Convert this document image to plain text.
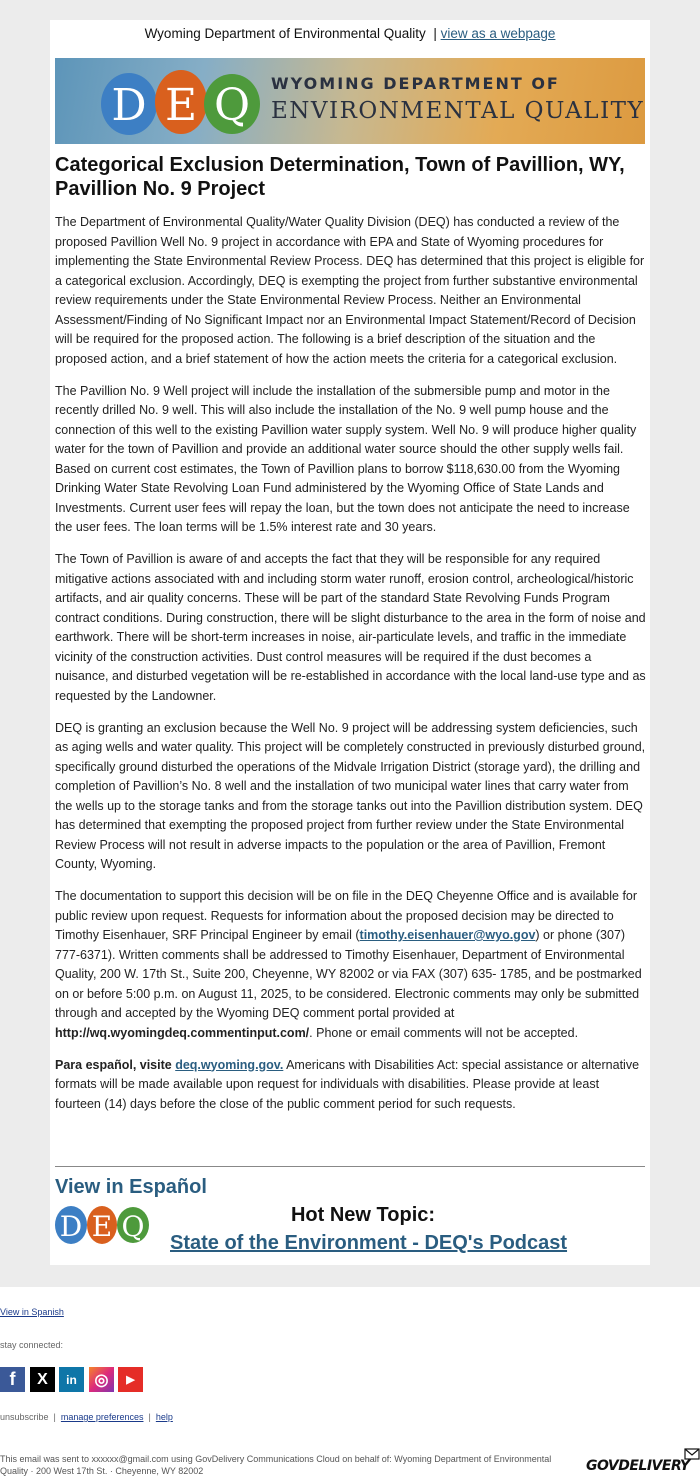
Wyoming Department of Environmental Quality | view as a webpage
D E Q WYOMING DEPARTMENT OF
ENVIRONMENTAL QUALITY
Categorical Exclusion Determination, Town of Pavillion, WY, Pavillion No. 9 Project

The Department of Environmental Quality/Water Quality Division (DEQ) has conducted a review of the proposed Pavillion Well No. 9 project in accordance with EPA and State of Wyoming procedures for implementing the State Environmental Review Process. DEQ has determined that this project is eligible for a categorical exclusion. Accordingly, DEQ is exempting the project from further substantive environmental review requirements under the State Environmental Review Process. Neither an Environmental Assessment/Finding of No Significant Impact nor an Environmental Impact Statement/Record of Decision will be required for the proposed action. The following is a brief description of the situation and the proposed action, and a brief statement of how the action meets the criteria for a categorical exclusion.

The Pavillion No. 9 Well project will include the installation of the submersible pump and motor in the recently drilled No. 9 well. This will also include the installation of the No. 9 well pump house and the connection of this well to the existing Pavillion water supply system. Well No. 9 will produce higher quality water for the town of Pavillion and provide an additional water source should the other supply wells fail. Based on current cost estimates, the Town of Pavillion plans to borrow $118,630.00 from the Wyoming Drinking Water State Revolving Loan Fund administered by the Wyoming Office of State Lands and Investments. Current user fees will repay the loan, but the town does not anticipate the need to increase the user fees. The loan terms will be 1.5% interest rate and 30 years.

The Town of Pavillion is aware of and accepts the fact that they will be responsible for any required mitigative actions associated with and including storm water runoff, erosion control, archeological/historic artifacts, and air quality concerns. These will be part of the standard State Revolving Funds Program contract conditions. During construction, there will be slight disturbance to the area in the form of noise and earthwork. There will be short-term increases in noise, air-particulate levels, and traffic in the immediate vicinity of the construction activities. Dust control measures will be required if the dust becomes a nuisance, and disturbed vegetation will be re-established in accordance with the local land-use type and as requested by the Landowner.

DEQ is granting an exclusion because the Well No. 9 project will be addressing system deficiencies, such as aging wells and water quality. This project will be completely constructed in previously disturbed ground, specifically ground disturbed the operations of the Midvale Irrigation District (storage yard), the drilling and completion of Pavillion’s No. 8 well and the installation of two municipal water lines that carry water from the wells up to the storage tanks and from the storage tanks out into the Pavillion distribution system. DEQ has determined that exempting the proposed project from further review under the State Environmental Review Process will not result in adverse impacts to the population or the area of Pavillion, Fremont County, Wyoming.

The documentation to support this decision will be on file in the DEQ Cheyenne Office and is available for public review upon request. Requests for information about the proposed decision may be directed to Timothy Eisenhauer, SRF Principal Engineer by email (timothy.eisenhauer@wyo.gov) or phone (307) 777-6371). Written comments shall be addressed to Timothy Eisenhauer, Department of Environmental Quality, 200 W. 17th St., Suite 200, Cheyenne, WY 82002 or via FAX (307) 635- 1785, and be postmarked on or before 5:00 p.m. on August 11, 2025, to be considered. Electronic comments may only be submitted through and accepted by the Wyoming DEQ comment portal provided at http://wq.wyomingdeq.commentinput.com/. Phone or email comments will not be accepted.

Para español, visite deq.wyoming.gov. Americans with Disabilities Act: special assistance or alternative formats will be made available upon request for individuals with disabilities. Please provide at least fourteen (14) days before the close of the public comment period for such requests.

View in Español
D E Q	Hot New Topic:
State of the Environment - DEQ's Podcast
View in Spanish
stay connected:
f	X	in	◎	▶
unsubscribe | manage preferences | help
This email was sent to xxxxxx@gmail.com using GovDelivery Communications Cloud on behalf of: Wyoming Department of Environmental Quality · 200 West 17th St. · Cheyenne, WY 82002	GOVDELIVERY
